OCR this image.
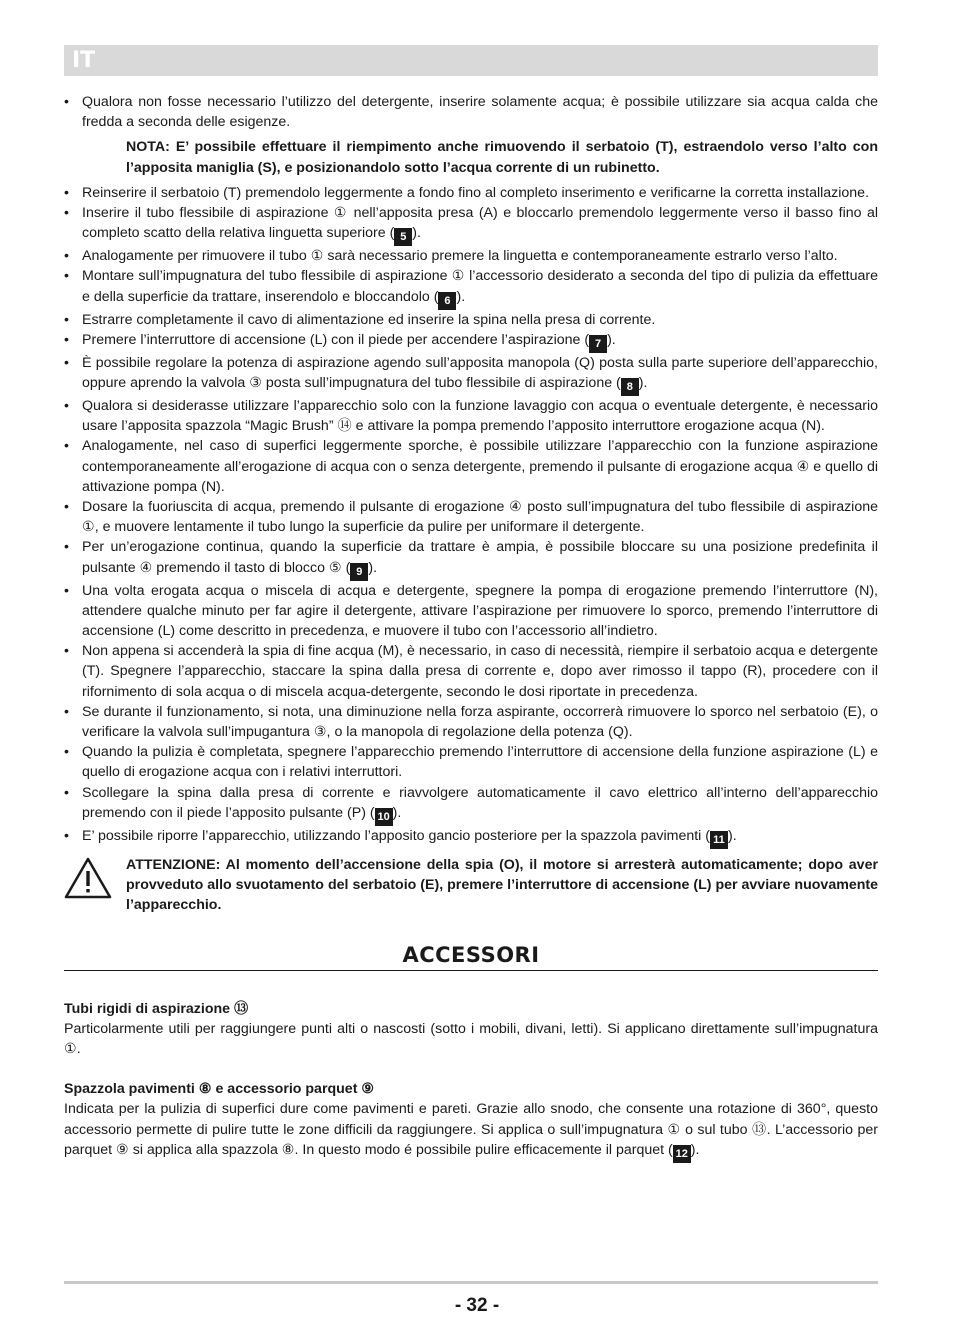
IT
• Qualora non fosse necessario l’utilizzo del detergente, inserire solamente acqua; è possibile utilizzare sia acqua calda che fredda a seconda delle esigenze.
NOTA: E’ possibile effettuare il riempimento anche rimuovendo il serbatoio (T), estraendolo verso l’alto con l’apposita maniglia (S), e posizionandolo sotto l’acqua corrente di un rubinetto.
• Reinserire il serbatoio (T) premendolo leggermente a fondo fino al completo inserimento e verificarne la corretta installazione.
• Inserire il tubo flessibile di aspirazione ① nell’apposita presa (A) e bloccarlo premendolo leggermente verso il basso fino al completo scatto della relativa linguetta superiore ( 5 ).
• Analogamente per rimuovere il tubo ① sarà necessario premere la linguetta e contemporaneamente estrarlo verso l’alto.
• Montare sull’impugnatura del tubo flessibile di aspirazione ① l’accessorio desiderato a seconda del tipo di pulizia da effettuare e della superficie da trattare, inserendolo e bloccandolo ( 6 ).
• Estrarre completamente il cavo di alimentazione ed inserire la spina nella presa di corrente.
• Premere l’interruttore di accensione (L) con il piede per accendere l’aspirazione ( 7 ).
• È possibile regolare la potenza di aspirazione agendo sull’apposita manopola (Q) posta sulla parte superiore dell’apparecchio, oppure aprendo la valvola ③ posta sull’impugnatura del tubo flessibile di aspirazione ( 8 ).
• Qualora si desiderasse utilizzare l’apparecchio solo con la funzione lavaggio con acqua o eventuale detergente, è necessario usare l’apposita spazzola “Magic Brush” ⑭ e attivare la pompa premendo l’apposito interruttore erogazione acqua (N).
• Analogamente, nel caso di superfici leggermente sporche, è possibile utilizzare l’apparecchio con la funzione aspirazione contemporaneamente all’erogazione di acqua con o senza detergente, premendo il pulsante di erogazione acqua ④ e quello di attivazione pompa (N).
• Dosare la fuoriuscita di acqua, premendo il pulsante di erogazione ④ posto sull’impugnatura del tubo flessibile di aspirazione ①, e muovere lentamente il tubo lungo la superficie da pulire per uniformare il detergente.
• Per un’erogazione continua, quando la superficie da trattare è ampia, è possibile bloccare su una posizione predefinita il pulsante ④ premendo il tasto di blocco ⑤ ( 9 ).
• Una volta erogata acqua o miscela di acqua e detergente, spegnere la pompa di erogazione premendo l’interruttore (N), attendere qualche minuto per far agire il detergente, attivare l’aspirazione per rimuovere lo sporco, premendo l’interruttore di accensione (L) come descritto in precedenza, e muovere il tubo con l’accessorio all’indietro.
• Non appena si accenderà la spia di fine acqua (M), è necessario, in caso di necessità, riempire il serbatoio acqua e detergente (T). Spegnere l’apparecchio, staccare la spina dalla presa di corrente e, dopo aver rimosso il tappo (R), procedere con il rifornimento di sola acqua o di miscela acqua-detergente, secondo le dosi riportate in precedenza.
• Se durante il funzionamento, si nota, una diminuzione nella forza aspirante, occorrerà rimuovere lo sporco nel serbatoio (E), o verificare la valvola sull’impugantura ③, o la manopola di regolazione della potenza (Q).
• Quando la pulizia è completata, spegnere l’apparecchio premendo l’interruttore di accensione della funzione aspirazione (L) e quello di erogazione acqua con i relativi interruttori.
• Scollegare la spina dalla presa di corrente e riavvolgere automaticamente il cavo elettrico all’interno dell’apparecchio premendo con il piede l’apposito pulsante (P) ( 10 ).
• E’ possibile riporre l’apparecchio, utilizzando l’apposito gancio posteriore per la spazzola pavimenti ( 11 ).
ATTENZIONE: Al momento dell’accensione della spia (O), il motore si arresterà automaticamente; dopo aver provveduto allo svuotamento del serbatoio (E), premere l’interruttore di accensione (L) per avviare nuovamente l’apparecchio.
ACCESSORI
Tubi rigidi di aspirazione ⑬
Particolarmente utili per raggiungere punti alti o nascosti (sotto i mobili, divani, letti). Si applicano direttamente sull’impugnatura ①.
Spazzola pavimenti ⑧ e accessorio parquet ⑨
Indicata per la pulizia di superfici dure come pavimenti e pareti. Grazie allo snodo, che consente una rotazione di 360°, questo accessorio permette di pulire tutte le zone difficili da raggiungere. Si applica o sull’impugnatura ① o sul tubo ⑬. L’accessorio per parquet ⑨ si applica alla spazzola ⑧. In questo modo é possibile pulire efficacemente il parquet ( 12 ).
- 32 -
